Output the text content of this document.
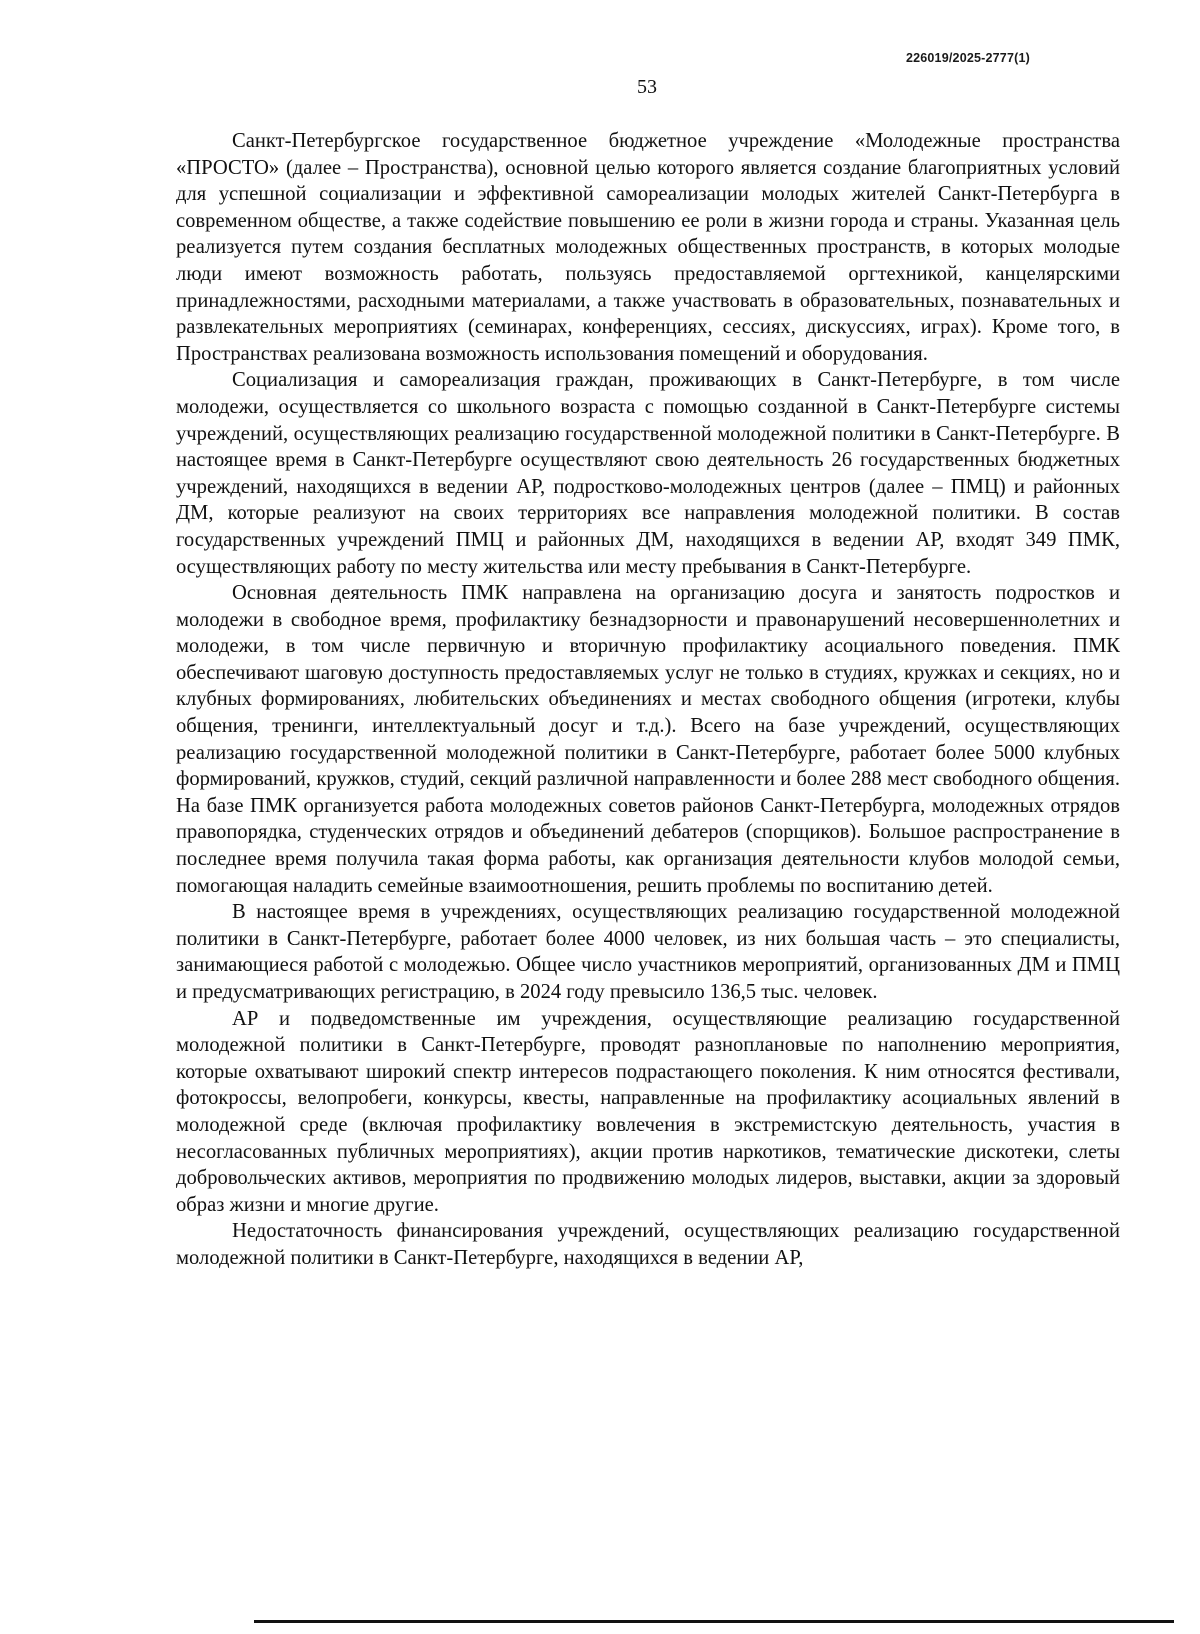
226019/2025-2777(1)
53

Санкт-Петербургское государственное бюджетное учреждение «Молодежные пространства «ПРОСТО» (далее – Пространства), основной целью которого является создание благоприятных условий для успешной социализации и эффективной самореализации молодых жителей Санкт-Петербурга в современном обществе, а также содействие повышению ее роли в жизни города и страны. Указанная цель реализуется путем создания бесплатных молодежных общественных пространств, в которых молодые люди имеют возможность работать, пользуясь предоставляемой оргтехникой, канцелярскими принадлежностями, расходными материалами, а также участвовать в образовательных, познавательных и развлекательных мероприятиях (семинарах, конференциях, сессиях, дискуссиях, играх). Кроме того, в Пространствах реализована возможность использования помещений и оборудования.

Социализация и самореализация граждан, проживающих в Санкт-Петербурге, в том числе молодежи, осуществляется со школьного возраста с помощью созданной в Санкт-Петербурге системы учреждений, осуществляющих реализацию государственной молодежной политики в Санкт-Петербурге. В настоящее время в Санкт-Петербурге осуществляют свою деятельность 26 государственных бюджетных учреждений, находящихся в ведении АР, подростково-молодежных центров (далее – ПМЦ) и районных ДМ, которые реализуют на своих территориях все направления молодежной политики. В состав государственных учреждений ПМЦ и районных ДМ, находящихся в ведении АР, входят 349 ПМК, осуществляющих работу по месту жительства или месту пребывания в Санкт-Петербурге.

Основная деятельность ПМК направлена на организацию досуга и занятость подростков и молодежи в свободное время, профилактику безнадзорности и правонарушений несовершеннолетних и молодежи, в том числе первичную и вторичную профилактику асоциального поведения. ПМК обеспечивают шаговую доступность предоставляемых услуг не только в студиях, кружках и секциях, но и клубных формированиях, любительских объединениях и местах свободного общения (игротеки, клубы общения, тренинги, интеллектуальный досуг и т.д.). Всего на базе учреждений, осуществляющих реализацию государственной молодежной политики в Санкт-Петербурге, работает более 5000 клубных формирований, кружков, студий, секций различной направленности и более 288 мест свободного общения. На базе ПМК организуется работа молодежных советов районов Санкт-Петербурга, молодежных отрядов правопорядка, студенческих отрядов и объединений дебатеров (спорщиков). Большое распространение в последнее время получила такая форма работы, как организация деятельности клубов молодой семьи, помогающая наладить семейные взаимоотношения, решить проблемы по воспитанию детей.

В настоящее время в учреждениях, осуществляющих реализацию государственной молодежной политики в Санкт-Петербурге, работает более 4000 человек, из них большая часть – это специалисты, занимающиеся работой с молодежью. Общее число участников мероприятий, организованных ДМ и ПМЦ и предусматривающих регистрацию, в 2024 году превысило 136,5 тыс. человек.

АР и подведомственные им учреждения, осуществляющие реализацию государственной молодежной политики в Санкт-Петербурге, проводят разноплановые по наполнению мероприятия, которые охватывают широкий спектр интересов подрастающего поколения. К ним относятся фестивали, фотокроссы, велопробеги, конкурсы, квесты, направленные на профилактику асоциальных явлений в молодежной среде (включая профилактику вовлечения в экстремистскую деятельность, участия в несогласованных публичных мероприятиях), акции против наркотиков, тематические дискотеки, слеты добровольческих активов, мероприятия по продвижению молодых лидеров, выставки, акции за здоровый образ жизни и многие другие.

Недостаточность финансирования учреждений, осуществляющих реализацию государственной молодежной политики в Санкт-Петербурге, находящихся в ведении АР,
